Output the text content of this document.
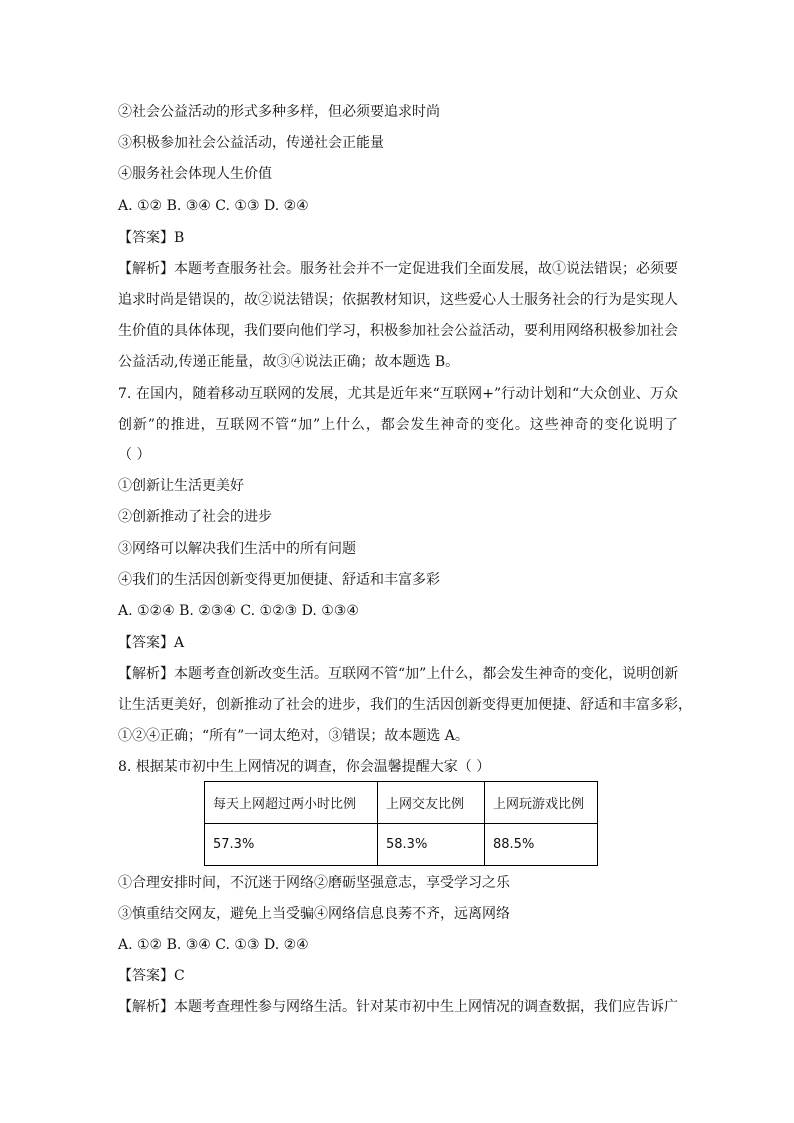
②社会公益活动的形式多种多样，但必须要追求时尚
③积极参加社会公益活动，传递社会正能量
④服务社会体现人生价值
A. ①② B. ③④ C. ①③ D. ②④
【答案】B
【解析】本题考查服务社会。服务社会并不一定促进我们全面发展，故①说法错误；必须要
追求时尚是错误的，故②说法错误；依据教材知识，这些爱心人士服务社会的行为是实现人
生价值的具体体现，我们要向他们学习，积极参加社会公益活动，要利用网络积极参加社会
公益活动,传递正能量，故③④说法正确；故本题选 B。
7. 在国内，随着移动互联网的发展，尤其是近年来“互联网+”行动计划和“大众创业、万众
创新”的推进，互联网不管“加”上什么，都会发生神奇的变化。这些神奇的变化说明了
（ ）
①创新让生活更美好
②创新推动了社会的进步
③网络可以解决我们生活中的所有问题
④我们的生活因创新变得更加便捷、舒适和丰富多彩
A. ①②④ B. ②③④ C. ①②③ D. ①③④
【答案】A
【解析】本题考查创新改变生活。互联网不管“加”上什么，都会发生神奇的变化，说明创新
让生活更美好，创新推动了社会的进步，我们的生活因创新变得更加便捷、舒适和丰富多彩，
①②④正确；“所有”一词太绝对，③错误；故本题选 A。
8. 根据某市初中生上网情况的调查，你会温馨提醒大家（ ）
每天上网超过两小时比例	上网交友比例	上网玩游戏比例
57.3%	58.3%	88.5%
①合理安排时间，不沉迷于网络②磨砺坚强意志，享受学习之乐
③慎重结交网友，避免上当受骗④网络信息良莠不齐，远离网络
A. ①② B. ③④ C. ①③ D. ②④
【答案】C
【解析】本题考查理性参与网络生活。针对某市初中生上网情况的调查数据，我们应告诉广
